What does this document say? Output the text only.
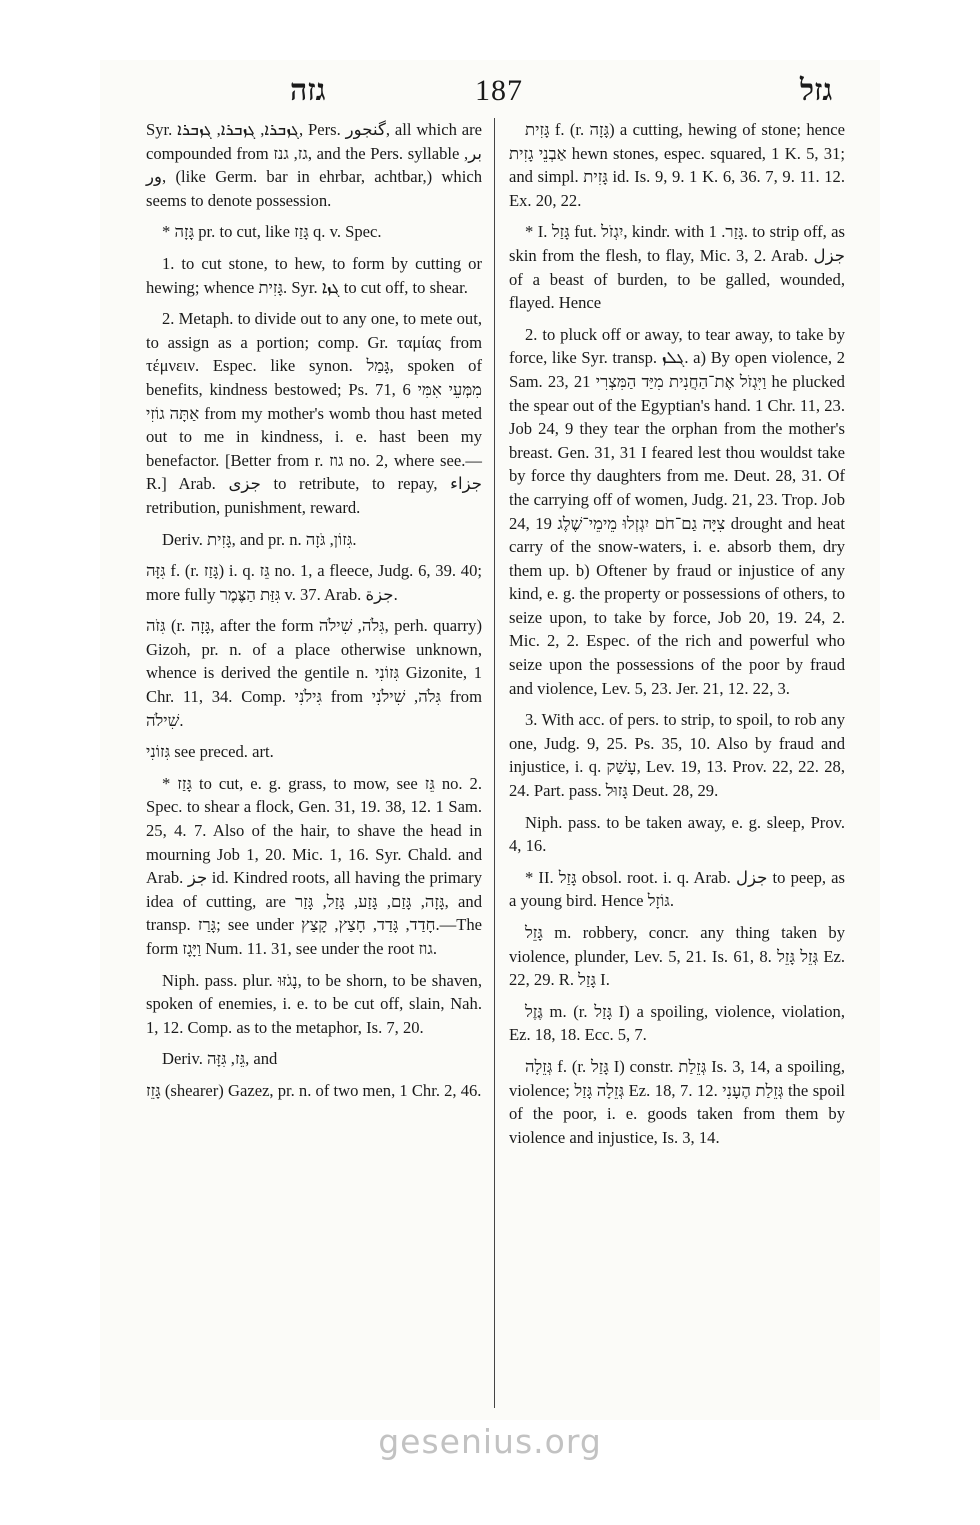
גזה	187	גזל

Syr. ܓܙܒܪܐ, ܓܙܒܪܐ, ܓܙܒܪܐ, Pers. گنجور, all which are compounded from גז, גנז, and the Pers. syllable بر, ور, (like Germ. bar in ehrbar, achtbar,) which seems to denote possession.

* גָּזָה pr. to cut, like גָּזַז q. v. Spec.

1. to cut stone, to hew, to form by cutting or hewing; whence גָּזִית. Syr. ܓܙܐ to cut off, to shear.

2. Metaph. to divide out to any one, to mete out, to assign as a portion; comp. Gr. ταμίας from τέμνειν. Espec. like synon. גָּמַל, spoken of benefits, kindness bestowed; Ps. 71, 6 מִמְּעֵי אִמִּי אַתָּה גוֹזִי from my mother's womb thou hast meted out to me in kindness, i. e. hast been my benefactor. [Better from r. גוז no. 2, where see.—R.] Arab. جزى to retribute, to repay, جزاء retribution, punishment, reward.

Deriv. גָּזִית, and pr. n. גִּזוֹן, גֹּזָה.

גִּזָּה f. (r. גָּזַז) i. q. גֵּז no. 1, a fleece, Judg. 6, 39. 40; more fully גִּזַּת הַצֶּמֶר v. 37. Arab. جزة.

גִּזֹה (r. גָּזָה, after the form גִּלֹה, שִׁילֹה, perh. quarry) Gizoh, pr. n. of a place otherwise unknown, whence is derived the gentile n. גִּזוֹנִי Gizonite, 1 Chr. 11, 34. Comp. גִּילֹנִי from גִּלֹה, שִׁילֹנִי from שִׁילֹה.

גִּזוֹנִי see preced. art.

* גָּזַז to cut, e. g. grass, to mow, see גֵּז no. 2. Spec. to shear a flock, Gen. 31, 19. 38, 12. 1 Sam. 25, 4. 7. Also of the hair, to shave the head in mourning Job 1, 20. Mic. 1, 16. Syr. Chald. and Arab. جز id. Kindred roots, all having the primary idea of cutting, are גָּזָה, גָּזַם, גָּזַע, גָּזַל, גָּזַר, and transp. גָּרַז; see under חָדַד, גָּדַד, חָצַץ, קָצַץ.—The form וַיָּגָז Num. 11. 31, see under the root גוז.

Niph. pass. plur. נָגֹזּוּ, to be shorn, to be shaven, spoken of enemies, i. e. to be cut off, slain, Nah. 1, 12. Comp. as to the metaphor, Is. 7, 20.

Deriv. גֵּז, גִּזָּה, and

גָּזֵז (shearer) Gazez, pr. n. of two men, 1 Chr. 2, 46.

גָּזִית f. (r. גָּזָה) a cutting, hewing of stone; hence אַבְנֵי גָזִית hewn stones, espec. squared, 1 K. 5, 31; and simpl. גָּזִית id. Is. 9, 9. 1 K. 6, 36. 7, 9. 11. 12. Ex. 20, 22.

* I. גָּזַל fut. יִגְזֹל, kindr. with גָּזַר. 1. to strip off, as skin from the flesh, to flay, Mic. 3, 2. Arab. جزل of a beast of burden, to be galled, wounded, flayed. Hence

2. to pluck off or away, to tear away, to take by force, like Syr. transp. ܓܠܙ. a) By open violence, 2 Sam. 23, 21 וַיִּגְזֹל אֶת־הַחֲנִית מִיַּד הַמִּצְרִי he plucked the spear out of the Egyptian's hand. 1 Chr. 11, 23. Job 24, 9 they tear the orphan from the mother's breast. Gen. 31, 31 I feared lest thou wouldst take by force thy daughters from me. Deut. 28, 31. Of the carrying off of women, Judg. 21, 23. Trop. Job 24, 19 צִיָּה גַם־חֹם יִגְזְלוּ מֵימֵי־שֶׁלֶג drought and heat carry of the snow-waters, i. e. absorb them, dry them up. b) Oftener by fraud or injustice of any kind, e. g. the property or possessions of others, to seize upon, to take by force, Job 20, 19. 24, 2. Mic. 2, 2. Espec. of the rich and powerful who seize upon the possessions of the poor by fraud and violence, Lev. 5, 23. Jer. 21, 12. 22, 3.

3. With acc. of pers. to strip, to spoil, to rob any one, Judg. 9, 25. Ps. 35, 10. Also by fraud and injustice, i. q. עָשַׁק, Lev. 19, 13. Prov. 22, 22. 28, 24. Part. pass. גָּזוּל Deut. 28, 29.

Niph. pass. to be taken away, e. g. sleep, Prov. 4, 16.

* II. גָּזַל obsol. root. i. q. Arab. جزل to peep, as a young bird. Hence גּוֹזָל.

גָּזֵל m. robbery, concr. any thing taken by violence, plunder, Lev. 5, 21. Is. 61, 8. גְּזֵל גָּזֵל Ez. 22, 29. R. גָּזַל I.

גֶּזֶל m. (r. גָּזַל I) a spoiling, violence, violation, Ez. 18, 18. Ecc. 5, 7.

גְּזֵלָה f. (r. גָּזַל I) constr. גְּזֵלַת Is. 3, 14, a spoiling, violence; גְּזֵלָה גָּזַל Ez. 18, 7. 12. גְּזֵלַת הֶעָנִי the spoil of the poor, i. e. goods taken from them by violence and injustice, Is. 3, 14.

gesenius.org
